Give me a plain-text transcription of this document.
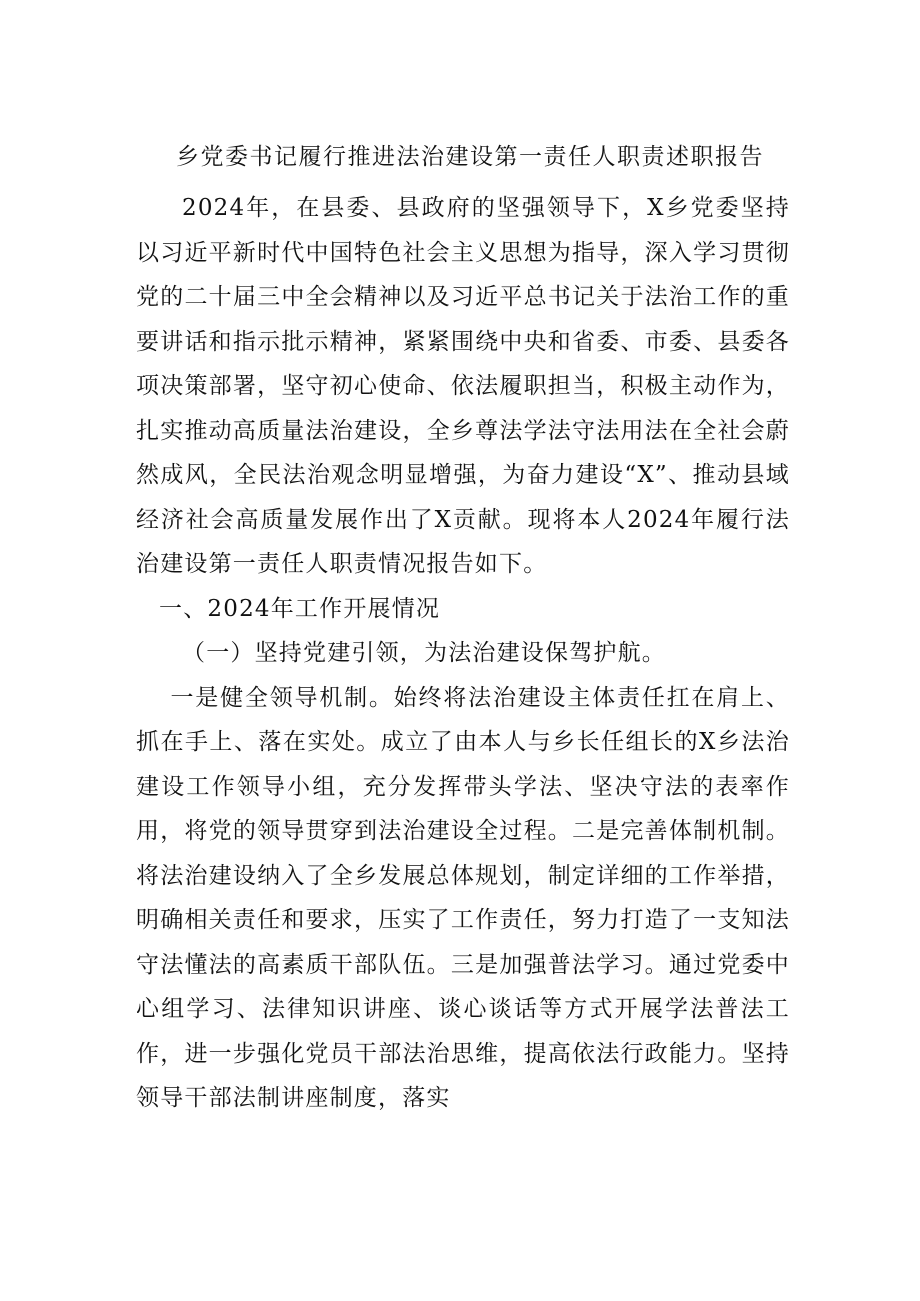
乡党委书记履行推进法治建设第一责任人职责述职报告

2024年，在县委、县政府的坚强领导下，X乡党委坚持以习近平新时代中国特色社会主义思想为指导，深入学习贯彻党的二十届三中全会精神以及习近平总书记关于法治工作的重要讲话和指示批示精神，紧紧围绕中央和省委、市委、县委各项决策部署，坚守初心使命、依法履职担当，积极主动作为，扎实推动高质量法治建设，全乡尊法学法守法用法在全社会蔚然成风，全民法治观念明显增强，为奋力建设“X”、推动县域经济社会高质量发展作出了X贡献。现将本人2024年履行法治建设第一责任人职责情况报告如下。

一、2024年工作开展情况

（一）坚持党建引领，为法治建设保驾护航。

一是健全领导机制。始终将法治建设主体责任扛在肩上、抓在手上、落在实处。成立了由本人与乡长任组长的X乡法治建设工作领导小组，充分发挥带头学法、坚决守法的表率作用，将党的领导贯穿到法治建设全过程。二是完善体制机制。将法治建设纳入了全乡发展总体规划，制定详细的工作举措，明确相关责任和要求，压实了工作责任，努力打造了一支知法守法懂法的高素质干部队伍。三是加强普法学习。通过党委中心组学习、法律知识讲座、谈心谈话等方式开展学法普法工作，进一步强化党员干部法治思维，提高依法行政能力。坚持领导干部法制讲座制度，落实
